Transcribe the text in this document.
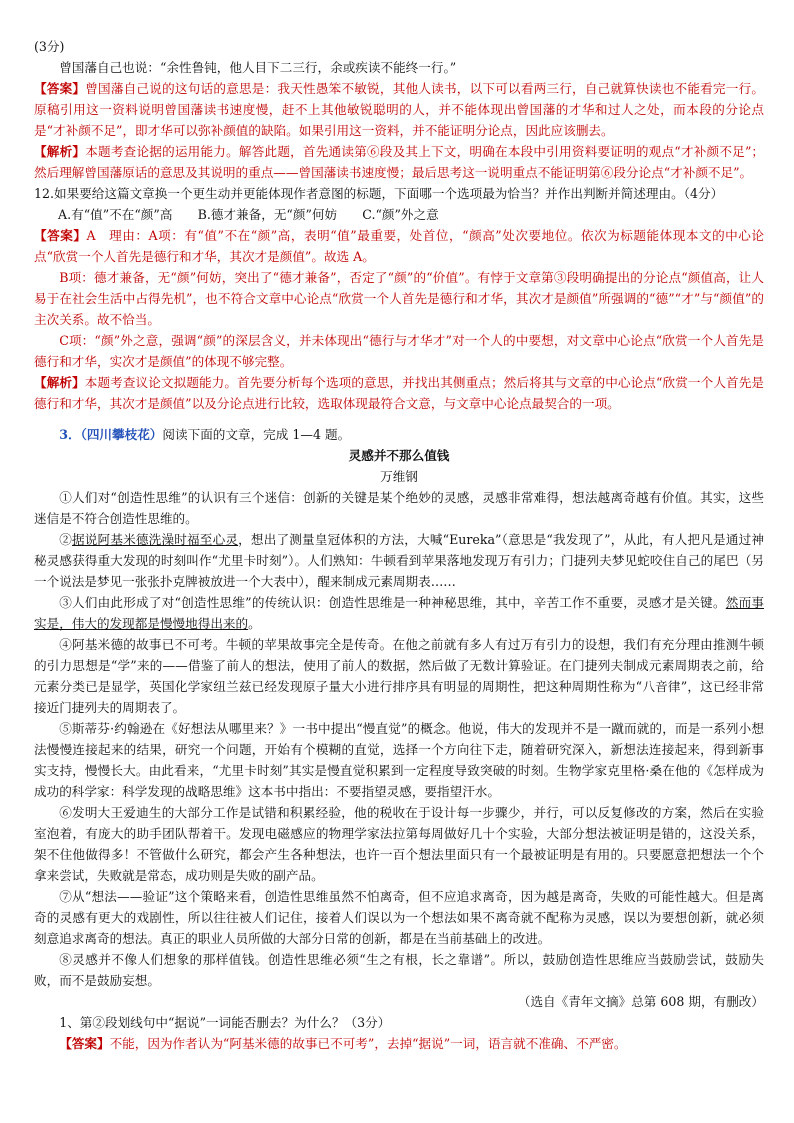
(3分)

曾国藩自己也说：“余性鲁钝，他人目下二三行，余或疾读不能终一行。”

【答案】曾国藩自己说的这句话的意思是：我天性愚笨不敏锐，其他人读书，以下可以看两三行，自己就算快读也不能看完一行。原稿引用这一资料说明曾国藩读书速度慢，赶不上其他敏锐聪明的人，并不能体现出曾国藩的才华和过人之处，而本段的分论点是“才补颜不足”，即才华可以弥补颜值的缺陷。如果引用这一资料，并不能证明分论点，因此应该删去。

【解析】本题考查论据的运用能力。解答此题，首先通读第⑥段及其上下文，明确在本段中引用资料要证明的观点“才补颜不足”；然后理解曾国藩原话的意思及其说明的重点——曾国藩读书速度慢；最后思考这一说明重点不能证明第⑥段分论点“才补颜不足”。

12.如果要给这篇文章换一个更生动并更能体现作者意图的标题，下面哪一个选项最为恰当？并作出判断并简述理由。（4分）

A.有“值”不在“颜”高　　B.德才兼备，无“颜”何妨　　C.“颜”外之意

【答案】A　理由：A项：有“值”不在“颜”高，表明“值”最重要，处首位，“颜高”处次要地位。依次为标题能体现本文的中心论点“欣赏一个人首先是德行和才华，其次才是颜值”。故选 A。

B项：德才兼备，无“颜”何妨，突出了“德才兼备”，否定了“颜”的“价值”。有悖于文章第③段明确提出的分论点“颜值高，让人易于在社会生活中占得先机”，也不符合文章中心论点“欣赏一个人首先是德行和才华，其次才是颜值”所强调的“德”“才”与“颜值”的主次关系。故不恰当。

C项：“颜”外之意，强调“颜”的深层含义，并未体现出“德行与才华才”对一个人的中要想，对文章中心论点“欣赏一个人首先是德行和才华，实次才是颜值”的体现不够完整。

【解析】本题考查议论文拟题能力。首先要分析每个选项的意思，并找出其侧重点；然后将其与文章的中心论点“欣赏一个人首先是德行和才华，其次才是颜值”以及分论点进行比较，选取体现最符合文意，与文章中心论点最契合的一项。

3．（四川攀枝花）阅读下面的文章，完成 1—4 题。

灵感并不那么值钱

万维钢

①人们对“创造性思维”的认识有三个迷信：创新的关键是某个绝妙的灵感，灵感非常难得，想法越离奇越有价值。其实，这些迷信是不符合创造性思维的。

②据说阿基米德洗澡时福至心灵，想出了测量皇冠体积的方法，大喊“Eureka”（意思是“我发现了”，从此，有人把凡是通过神秘灵感获得重大发现的时刻叫作“尤里卡时刻”）。人们熟知：牛顿看到苹果落地发现万有引力；门捷列夫梦见蛇咬住自己的尾巴（另一个说法是梦见一张张扑克牌被放进一个大表中），醒来制成元素周期表……

③人们由此形成了对“创造性思维”的传统认识：创造性思维是一种神秘思维，其中，辛苦工作不重要，灵感才是关键。然而事实是，伟大的发现都是慢慢地得出来的。

④阿基米德的故事已不可考。牛顿的苹果故事完全是传奇。在他之前就有多人有过万有引力的设想，我们有充分理由推测牛顿的引力思想是“学”来的——借鉴了前人的想法，使用了前人的数据，然后做了无数计算验证。在门捷列夫制成元素周期表之前，给元素分类已是显学，英国化学家纽兰兹已经发现原子量大小进行排序具有明显的周期性，把这种周期性称为“八音律”，这已经非常接近门捷列夫的周期表了。

⑤斯蒂芬·约翰逊在《好想法从哪里来？》一书中提出“慢直觉”的概念。他说，伟大的发现并不是一蹴而就的，而是一系列小想法慢慢连接起来的结果，研究一个问题，开始有个模糊的直觉，选择一个方向往下走，随着研究深入，新想法连接起来，得到新事实支持，慢慢长大。由此看来，“尤里卡时刻”其实是慢直觉积累到一定程度导致突破的时刻。生物学家克里格·桑在他的《怎样成为成功的科学家：科学发现的战略思维》这本书中指出：不要指望灵感，要指望汗水。

⑥发明大王爱迪生的大部分工作是试错和积累经验，他的税收在于设计每一步骤少，并行，可以反复修改的方案，然后在实验室泡着，有庞大的助手团队帮着干。发现电磁感应的物理学家法拉第每周做好几十个实验，大部分想法被证明是错的，这没关系，架不住他做得多！不管做什么研究，都会产生各种想法，也许一百个想法里面只有一个最被证明是有用的。只要愿意把想法一个个拿来尝试，失败就是常态，成功则是失败的副产品。

⑦从“想法——验证”这个策略来看，创造性思维虽然不怕离奇，但不应追求离奇，因为越是离奇，失败的可能性越大。但是离奇的灵感有更大的戏剧性，所以往往被人们记住，接着人们误以为一个想法如果不离奇就不配称为灵感，误以为要想创新，就必须刻意追求离奇的想法。真正的职业人员所做的大部分日常的创新，都是在当前基础上的改进。

⑧灵感并不像人们想象的那样值钱。创造性思维必须“生之有根，长之靠谱”。所以，鼓励创造性思维应当鼓励尝试，鼓励失败，而不是鼓励妄想。

（选自《青年文摘》总第 608 期，有删改）

1、第②段划线句中“据说”一词能否删去？为什么？（3分）

【答案】不能，因为作者认为“阿基米德的故事已不可考”，去掉“据说”一词，语言就不准确、不严密。
